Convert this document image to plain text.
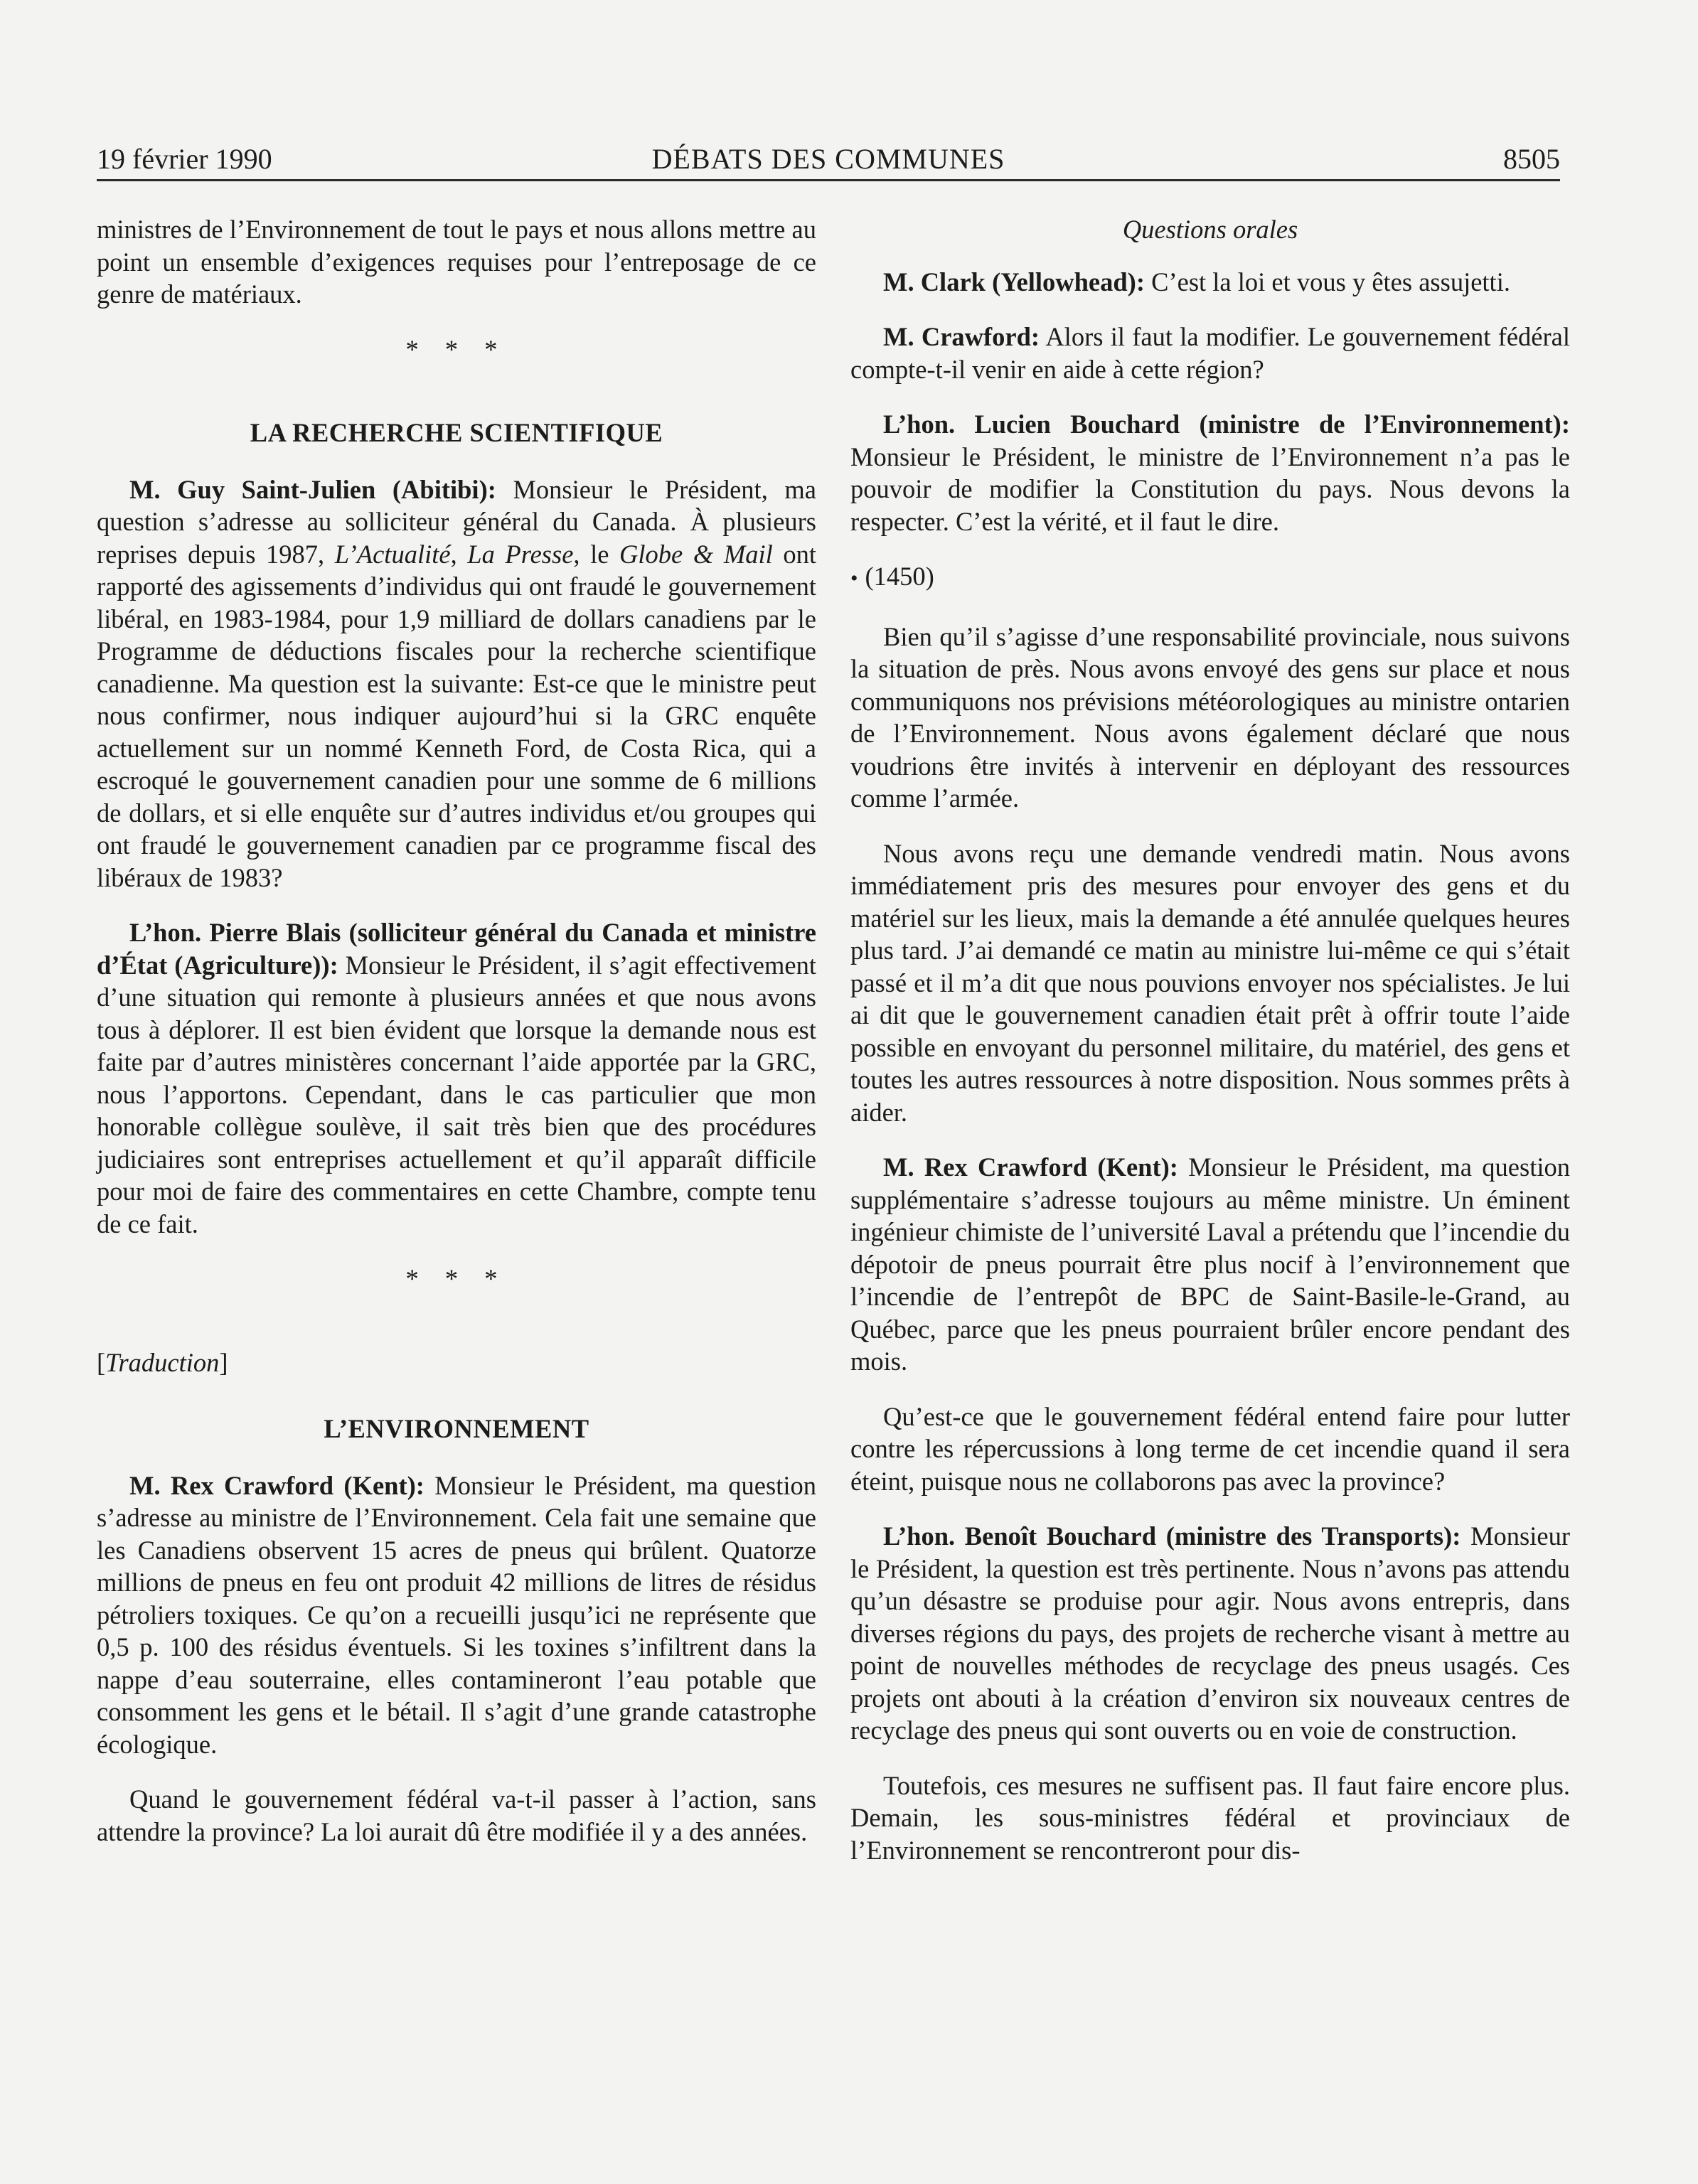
19 février 1990	DÉBATS DES COMMUNES	8505

ministres de l’Environnement de tout le pays et nous allons mettre au point un ensemble d’exigences requises pour l’entreposage de ce genre de matériaux.

* * *
LA RECHERCHE SCIENTIFIQUE

M. Guy Saint-Julien (Abitibi): Monsieur le Président, ma question s’adresse au solliciteur général du Canada. À plusieurs reprises depuis 1987, L’Actualité, La Presse, le Globe & Mail ont rapporté des agissements d’individus qui ont fraudé le gouvernement libéral, en 1983-1984, pour 1,9 milliard de dollars canadiens par le Programme de déductions fiscales pour la recherche scientifique canadienne. Ma question est la suivante: Est-ce que le ministre peut nous confirmer, nous indiquer aujourd’hui si la GRC enquête actuellement sur un nommé Kenneth Ford, de Costa Rica, qui a escroqué le gouvernement canadien pour une somme de 6 millions de dollars, et si elle enquête sur d’autres individus et/ou groupes qui ont fraudé le gouvernement canadien par ce programme fiscal des libéraux de 1983?

L’hon. Pierre Blais (solliciteur général du Canada et ministre d’État (Agriculture)): Monsieur le Président, il s’agit effectivement d’une situation qui remonte à plusieurs années et que nous avons tous à déplorer. Il est bien évident que lorsque la demande nous est faite par d’autres ministères concernant l’aide apportée par la GRC, nous l’apportons. Cependant, dans le cas particulier que mon honorable collègue soulève, il sait très bien que des procédures judiciaires sont entreprises actuellement et qu’il apparaît difficile pour moi de faire des commentaires en cette Chambre, compte tenu de ce fait.

* * *
[Traduction]
L’ENVIRONNEMENT

M. Rex Crawford (Kent): Monsieur le Président, ma question s’adresse au ministre de l’Environnement. Cela fait une semaine que les Canadiens observent 15 acres de pneus qui brûlent. Quatorze millions de pneus en feu ont produit 42 millions de litres de résidus pétroliers toxiques. Ce qu’on a recueilli jusqu’ici ne représente que 0,5 p. 100 des résidus éventuels. Si les toxines s’infiltrent dans la nappe d’eau souterraine, elles contamineront l’eau potable que consomment les gens et le bétail. Il s’agit d’une grande catastrophe écologique.

Quand le gouvernement fédéral va-t-il passer à l’action, sans attendre la province? La loi aurait dû être modifiée il y a des années.

Questions orales

M. Clark (Yellowhead): C’est la loi et vous y êtes assujetti.

M. Crawford: Alors il faut la modifier. Le gouvernement fédéral compte-t-il venir en aide à cette région?

L’hon. Lucien Bouchard (ministre de l’Environnement): Monsieur le Président, le ministre de l’Environnement n’a pas le pouvoir de modifier la Constitution du pays. Nous devons la respecter. C’est la vérité, et il faut le dire.

• (1450)

Bien qu’il s’agisse d’une responsabilité provinciale, nous suivons la situation de près. Nous avons envoyé des gens sur place et nous communiquons nos prévisions météorologiques au ministre ontarien de l’Environnement. Nous avons également déclaré que nous voudrions être invités à intervenir en déployant des ressources comme l’armée.

Nous avons reçu une demande vendredi matin. Nous avons immédiatement pris des mesures pour envoyer des gens et du matériel sur les lieux, mais la demande a été annulée quelques heures plus tard. J’ai demandé ce matin au ministre lui-même ce qui s’était passé et il m’a dit que nous pouvions envoyer nos spécialistes. Je lui ai dit que le gouvernement canadien était prêt à offrir toute l’aide possible en envoyant du personnel militaire, du matériel, des gens et toutes les autres ressources à notre disposition. Nous sommes prêts à aider.

M. Rex Crawford (Kent): Monsieur le Président, ma question supplémentaire s’adresse toujours au même ministre. Un éminent ingénieur chimiste de l’université Laval a prétendu que l’incendie du dépotoir de pneus pourrait être plus nocif à l’environnement que l’incendie de l’entrepôt de BPC de Saint-Basile-le-Grand, au Québec, parce que les pneus pourraient brûler encore pendant des mois.

Qu’est-ce que le gouvernement fédéral entend faire pour lutter contre les répercussions à long terme de cet incendie quand il sera éteint, puisque nous ne collaborons pas avec la province?

L’hon. Benoît Bouchard (ministre des Transports): Monsieur le Président, la question est très pertinente. Nous n’avons pas attendu qu’un désastre se produise pour agir. Nous avons entrepris, dans diverses régions du pays, des projets de recherche visant à mettre au point de nouvelles méthodes de recyclage des pneus usagés. Ces projets ont abouti à la création d’environ six nouveaux centres de recyclage des pneus qui sont ouverts ou en voie de construction.

Toutefois, ces mesures ne suffisent pas. Il faut faire encore plus. Demain, les sous-ministres fédéral et provinciaux de l’Environnement se rencontreront pour dis-
